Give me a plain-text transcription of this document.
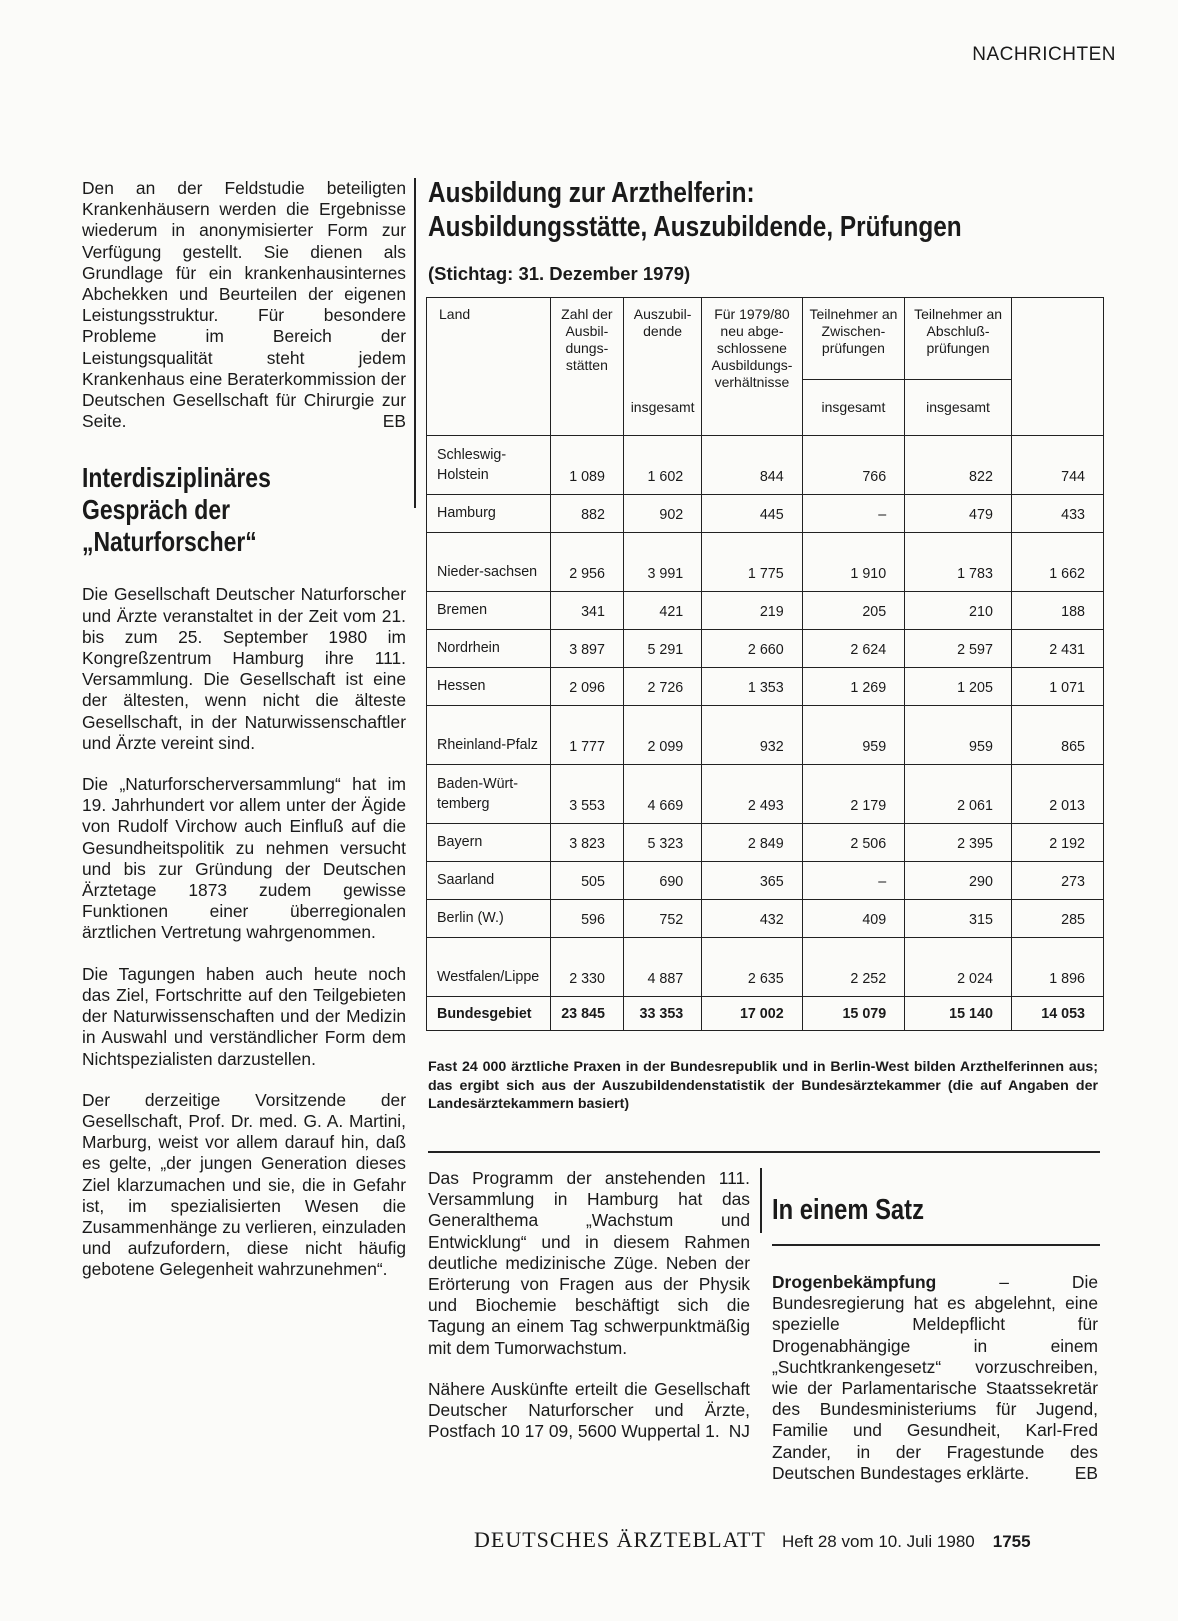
NACHRICHTEN

Den an der Feldstudie beteiligten Krankenhäusern werden die Ergebnisse wiederum in anonymisierter Form zur Verfügung gestellt. Sie dienen als Grundlage für ein krankenhausinternes Abchekken und Beurteilen der eigenen Leistungsstruktur. Für besondere Probleme im Bereich der Leistungsqualität steht jedem Krankenhaus eine Beraterkommission der Deutschen Gesellschaft für Chirurgie zur Seite.	EB

Interdisziplinäres
Gespräch der
„Naturforscher“

Die Gesellschaft Deutscher Naturforscher und Ärzte veranstaltet in der Zeit vom 21. bis zum 25. September 1980 im Kongreßzentrum Hamburg ihre 111. Versammlung. Die Gesellschaft ist eine der ältesten, wenn nicht die älteste Gesellschaft, in der Naturwissenschaftler und Ärzte vereint sind.

Die „Naturforscherversammlung“ hat im 19. Jahrhundert vor allem unter der Ägide von Rudolf Virchow auch Einfluß auf die Gesundheitspolitik zu nehmen versucht und bis zur Gründung der Deutschen Ärztetage 1873 zudem gewisse Funktionen einer überregionalen ärztlichen Vertretung wahrgenommen.

Die Tagungen haben auch heute noch das Ziel, Fortschritte auf den Teilgebieten der Naturwissenschaften und der Medizin in Auswahl und verständlicher Form dem Nichtspezialisten darzustellen.

Der derzeitige Vorsitzende der Gesellschaft, Prof. Dr. med. G. A. Martini, Marburg, weist vor allem darauf hin, daß es gelte, „der jungen Generation dieses Ziel klarzumachen und sie, die in Gefahr ist, im spezialisierten Wesen die Zusammenhänge zu verlieren, einzuladen und aufzufordern, diese nicht häufig gebotene Gelegenheit wahrzunehmen“.

Ausbildung zur Arzthelferin:
Ausbildungsstätte, Auszubildende, Prüfungen
(Stichtag: 31. Dezember 1979)
Land	Zahl der Ausbil-dungs-stätten	Auszubil-dende	Für 1979/80 neu abge-schlossene Ausbildungs-verhältnisse	Teilnehmer an Zwischen-prüfungen	Teilnehmer an Abschluß-prüfungen	
		insgesamt		insgesamt	insgesamt	
Schleswig-Holstein	1 089	1 602	844	766	822	744
Hamburg	882	902	445	–	479	433
Nieder-sachsen	2 956	3 991	1 775	1 910	1 783	1 662
Bremen	341	421	219	205	210	188
Nordrhein	3 897	5 291	2 660	2 624	2 597	2 431
Hessen	2 096	2 726	1 353	1 269	1 205	1 071
Rheinland-Pfalz	1 777	2 099	932	959	959	865
Baden-Würt-temberg	3 553	4 669	2 493	2 179	2 061	2 013
Bayern	3 823	5 323	2 849	2 506	2 395	2 192
Saarland	505	690	365	–	290	273
Berlin (W.)	596	752	432	409	315	285
Westfalen/Lippe	2 330	4 887	2 635	2 252	2 024	1 896
Bundesgebiet	23 845	33 353	17 002	15 079	15 140	14 053
Fast 24 000 ärztliche Praxen in der Bundesrepublik und in Berlin-West bilden Arzthelferinnen aus; das ergibt sich aus der Auszubildendenstatistik der Bundesärztekammer (die auf Angaben der Landesärztekammern basiert)

Das Programm der anstehenden 111. Versammlung in Hamburg hat das Generalthema „Wachstum und Entwicklung“ und in diesem Rahmen deutliche medizinische Züge. Neben der Erörterung von Fragen aus der Physik und Biochemie beschäftigt sich die Tagung an einem Tag schwerpunktmäßig mit dem Tumorwachstum.

Nähere Auskünfte erteilt die Gesellschaft Deutscher Naturforscher und Ärzte, Postfach 10 17 09, 5600 Wuppertal 1. NJ

In einem Satz

Drogenbekämpfung – Die Bundesregierung hat es abgelehnt, eine spezielle Meldepflicht für Drogenabhängige in einem „Suchtkrankengesetz“ vorzuschreiben, wie der Parlamentarische Staatssekretär des Bundesministeriums für Jugend, Familie und Gesundheit, Karl-Fred Zander, in der Fragestunde des Deutschen Bundestages erklärte.	EB

DEUTSCHES ÄRZTEBLATT Heft 28 vom 10. Juli 1980 1755
